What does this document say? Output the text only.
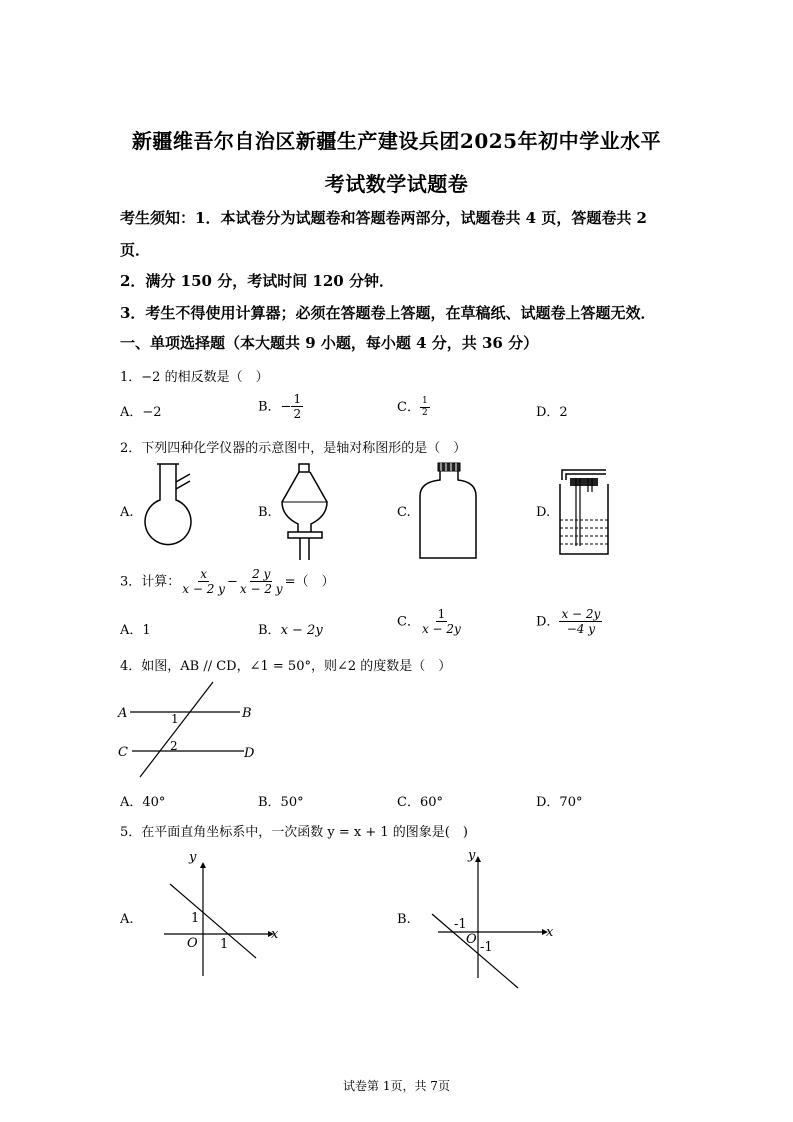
新疆维吾尔自治区新疆生产建设兵团2025年初中学业水平
考试数学试题卷
考生须知：1．本试卷分为试题卷和答题卷两部分，试题卷共 4 页，答题卷共 2
页．
2．满分 150 分，考试时间 120 分钟．
3．考生不得使用计算器；必须在答题卷上答题，在草稿纸、试题卷上答题无效．
一、单项选择题（本大题共 9 小题，每小题 4 分，共 36 分）
1．−2 的相反数是（　）
A．−2	B．− $\frac{1}{2}$	C． $\frac{1}{2}$	D．2
2．下列四种化学仪器的示意图中，是轴对称图形的是（　）
A.	B.	C.	D.
3．计算： $\frac{x}{x - 2 y} - \frac{2 y}{x - 2 y}$ =（　）
A．1	B．x − 2y
C． $\frac{1}{x - 2y}$	D． $\frac{x - 2y}{-4 y}$
4．如图，AB // CD，∠1 = 50°，则∠2 的度数是（　）
A	B
C	D
1
2
A．40°	B．50°	C．60°	D．70°
5．在平面直角坐标系中，一次函数 y = x + 1 的图象是(　)
A.	B.
y
x
O
1
1
y
x
O
-1
-1
试卷第 1页，共 7页
